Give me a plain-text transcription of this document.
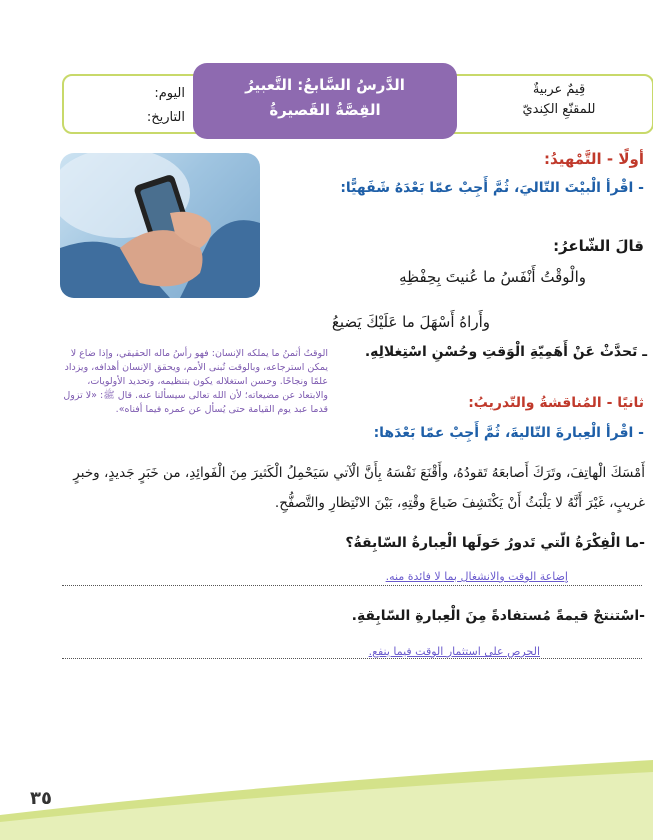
قِيمٌ عربيةٌ
للمقنّعِ الكِنديّ
الدَّرسُ السَّابعُ: التَّعبيرُ
القِصَّةُ القَصيرةُ
اليوم:
التاريخ:
أولًا - التَّمْهيدُ:
- اقْرأ الْبيْتَ التّاليَ، ثُمَّ أَجِبْ عمّا بَعْدَهُ شَفَهيًّا:
قالَ الشّاعرُ:
والْوقْتُ أَنْفَسُ ما عُنيتَ بِحِفْظِهِ
وأَراهُ أَسْهَلَ ما عَلَيْكَ يَضيعُ
ـ تَحدَّثْ عَنْ أَهَمِيّةِ الْوَقتِ وحُسْنِ اسْتِغلالِهِ.
الوقتُ أثمنُ ما يملكه الإنسان: فهو رأسُ ماله الحقيقي، وإذا ضاع لا يمكن استرجاعه، وبالوقت تُبنى الأمم، ويحقق الإنسان أهدافه، ويزداد علمًا ونجاحًا. وحسن استغلاله يكون بتنظيمه، وتحديد الأولويات، والابتعاد عن مضيعاته؛ لأن الله تعالى سيسألنا عنه. قال ﷺ: «لا تزول قدما عبد يوم القيامة حتى يُسأل عن عمره فيما أفناه».	ثانيًا - المُناقشةُ والتّدريبُ:
- اقْرأ الْعِبارةَ التّاليةَ، ثُمَّ أَجِبْ عمّا بَعْدَها:
أَمْسَكَ الْهاتِفَ، وتَرَكَ أَصابعَهُ تَقودُهُ، وأَقْنَعَ نَفْسَهُ بِأَنَّ الْآتي سَيَحْمِلُ الْكَثيرَ مِنَ الْفَوائِدِ، من خَبَرٍ جَديدٍ، وخبرٍ غريبٍ، غَيْرَ أَنَّهُ لا يَلْبَثُ أَنْ يَكْتَشِفَ ضَياعَ وقْتِهِ، بَيْنَ الانْتِظارِ والتَّصفُّحِ.
-ما الْفِكْرَةُ الّتي تَدورُ حَولَها الْعِبارةُ السّابِقةُ؟
إضاعة الوقت والانشغال بما لا فائدة منه.
-اسْتنتجْ قيمةً مُستفادةً مِنَ الْعِبارةِ السّابِقةِ.
الحرص على استثمار الوقت فيما ينفع.
٣٥
